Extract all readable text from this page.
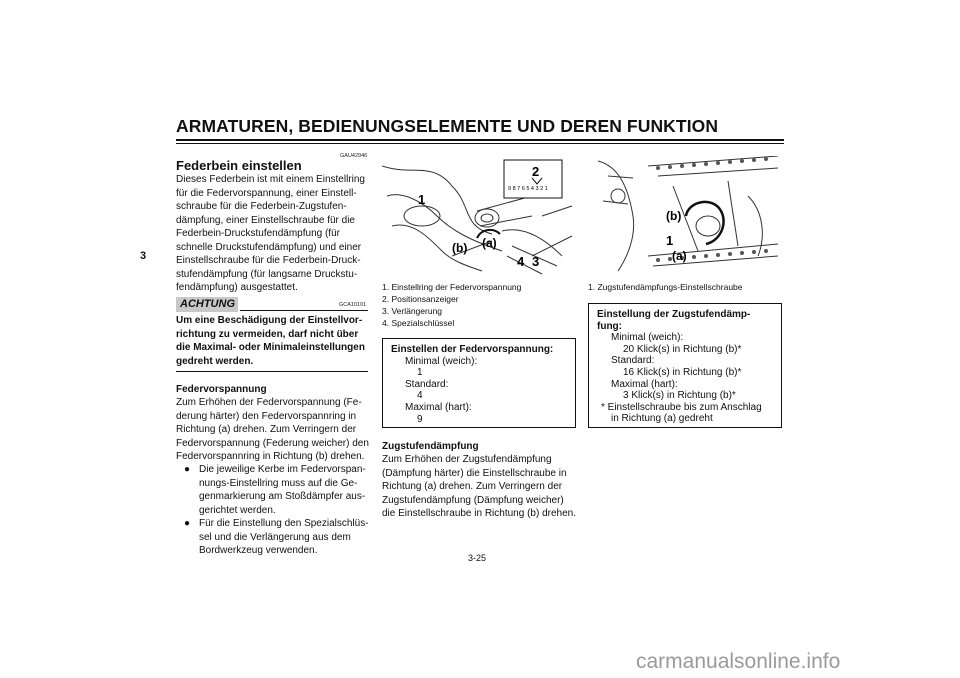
ARMATUREN, BEDIENUNGSELEMENTE UND DEREN FUNKTION
3
GAU42946
Federbein einstellen
Dieses Federbein ist mit einem Einstellring
für die Federvorspannung, einer Einstell-
schraube für die Federbein-Zugstufen-
dämpfung, einer Einstellschraube für die
Federbein-Druckstufendämpfung (für
schnelle Druckstufendämpfung) und einer
Einstellschraube für die Federbein-Druck-
stufendämpfung (für langsame Druckstu-
fendämpfung) ausgestattet.
ACHTUNG	GCA10101
Um eine Beschädigung der Einstellvor-
richtung zu vermeiden, darf nicht über
die Maximal- oder Minimaleinstellungen
gedreht werden.
Federvorspannung
Zum Erhöhen der Federvorspannung (Fe-
derung härter) den Federvorspannring in
Richtung (a) drehen. Zum Verringern der
Federvorspannung (Federung weicher) den
Federvorspannring in Richtung (b) drehen.
● Die jeweilige Kerbe im Federvorspan-
nungs-Einstellring muss auf die Ge-
genmarkierung am Stoßdämpfer aus-
gerichtet werden.
● Für die Einstellung den Spezialschlüs-
sel und die Verlängerung aus dem
Bordwerkzeug verwenden.
9 8 7 6 5 4 3 2 1
2
1
(b) (a)
4 3
1. Einstellring der Federvorspannung
2. Positionsanzeiger
3. Verlängerung
4. Spezialschlüssel
Einstellen der Federvorspannung:
Minimal (weich):
1
Standard:
4
Maximal (hart):
9
Zugstufendämpfung
Zum Erhöhen der Zugstufendämpfung
(Dämpfung härter) die Einstellschraube in
Richtung (a) drehen. Zum Verringern der
Zugstufendämpfung (Dämpfung weicher)
die Einstellschraube in Richtung (b) drehen.
(b)
1
(a)
1. Zugstufendämpfungs-Einstellschraube
Einstellung der Zugstufendämp-
fung:
Minimal (weich):
20 Klick(s) in Richtung (b)*
Standard:
16 Klick(s) in Richtung (b)*
Maximal (hart):
3 Klick(s) in Richtung (b)*
* Einstellschraube bis zum Anschlag
in Richtung (a) gedreht
3-25
carmanualsonline.info
